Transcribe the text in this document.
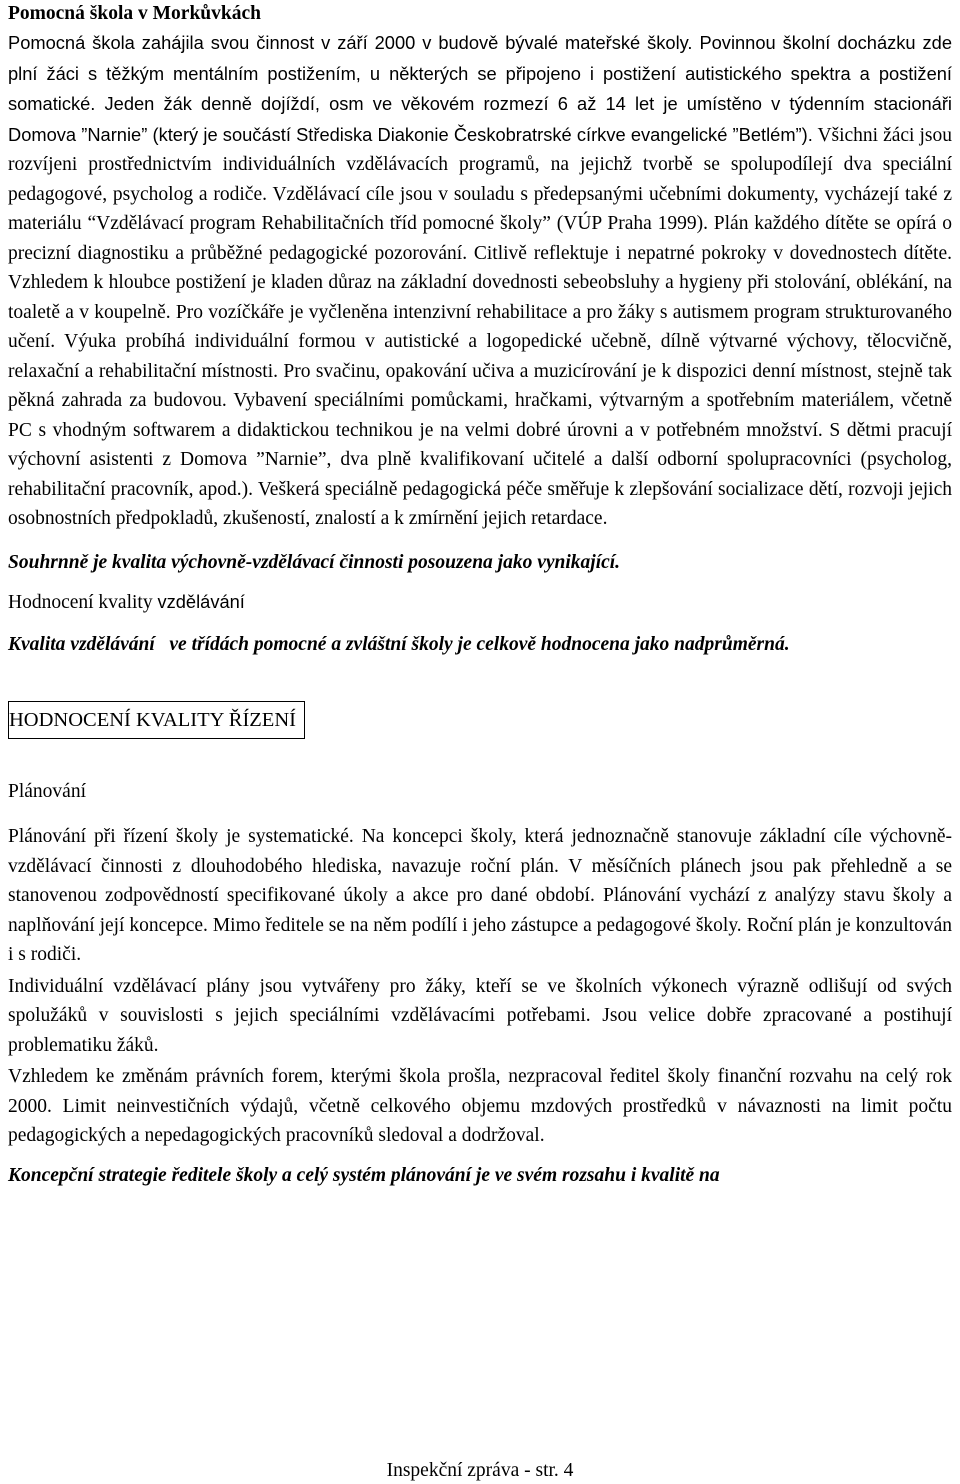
Pomocná škola v Morkůvkách

Pomocná škola zahájila svou činnost v září 2000 v budově bývalé mateřské školy. Povinnou školní docházku zde plní žáci s těžkým mentálním postižením, u některých se připojeno i postižení autistického spektra a postižení somatické. Jeden žák denně dojíždí, osm ve věkovém rozmezí 6 až 14 let je umístěno v týdenním stacionáři Domova ”Narnie” (který je součástí Střediska Diakonie Českobratrské církve evangelické ”Betlém”). Všichni žáci jsou rozvíjeni prostřednictvím individuálních vzdělávacích programů, na jejichž tvorbě se spolupodílejí dva speciální pedagogové, psycholog a rodiče. Vzdělávací cíle jsou v souladu s předepsanými učebními dokumenty, vycházejí také z materiálu “Vzdělávací program Rehabilitačních tříd pomocné školy” (VÚP Praha 1999). Plán každého dítěte se opírá o precizní diagnostiku a průběžné pedagogické pozorování. Citlivě reflektuje i nepatrné pokroky v dovednostech dítěte. Vzhledem k hloubce postižení je kladen důraz na základní dovednosti sebeobsluhy a hygieny při stolování, oblékání, na toaletě a v koupelně. Pro vozíčkáře je vyčleněna intenzivní rehabilitace a pro žáky s autismem program strukturovaného učení. Výuka probíhá individuální formou v autistické a logopedické učebně, dílně výtvarné výchovy, tělocvičně, relaxační a rehabilitační místnosti. Pro svačinu, opakování učiva a muzicírování je k dispozici denní místnost, stejně tak pěkná zahrada za budovou. Vybavení speciálními pomůckami, hračkami, výtvarným a spotřebním materiálem, včetně PC s vhodným softwarem a didaktickou technikou je na velmi dobré úrovni a v potřebném množství. S dětmi pracují výchovní asistenti z Domova ”Narnie”, dva plně kvalifikovaní učitelé a další odborní spolupracovníci (psycholog, rehabilitační pracovník, apod.). Veškerá speciálně pedagogická péče směřuje k zlepšování socializace dětí, rozvoji jejich osobnostních předpokladů, zkušeností, znalostí a k zmírnění jejich retardace.

Souhrnně je kvalita výchovně-vzdělávací činnosti posouzena jako vynikající.

Hodnocení kvality vzdělávání

Kvalita vzdělávání   ve třídách pomocné a zvláštní školy je celkově hodnocena jako nadprůměrná.

HODNOCENÍ KVALITY ŘÍZENÍ
Plánování

Plánování při řízení školy je systematické. Na koncepci školy, která jednoznačně stanovuje základní cíle výchovně-vzdělávací činnosti z dlouhodobého hlediska, navazuje roční plán. V měsíčních plánech jsou pak přehledně a se stanovenou zodpovědností specifikované úkoly a akce pro dané období. Plánování vychází z analýzy stavu školy a naplňování její koncepce. Mimo ředitele se na něm podílí i jeho zástupce a pedagogové školy. Roční plán je konzultován i s rodiči.

Individuální vzdělávací plány jsou vytvářeny pro žáky, kteří se ve školních výkonech výrazně odlišují od svých spolužáků v souvislosti s jejich speciálními vzdělávacími potřebami. Jsou velice dobře zpracované a postihují problematiku žáků.

Vzhledem ke změnám právních forem, kterými škola prošla, nezpracoval ředitel školy finanční rozvahu na celý rok 2000. Limit neinvestičních výdajů, včetně celkového objemu mzdových prostředků v návaznosti na limit počtu pedagogických a nepedagogických pracovníků sledoval a dodržoval.

Koncepční strategie ředitele školy a celý systém plánování je ve svém rozsahu i kvalitě na

Inspekční zpráva - str. 4
